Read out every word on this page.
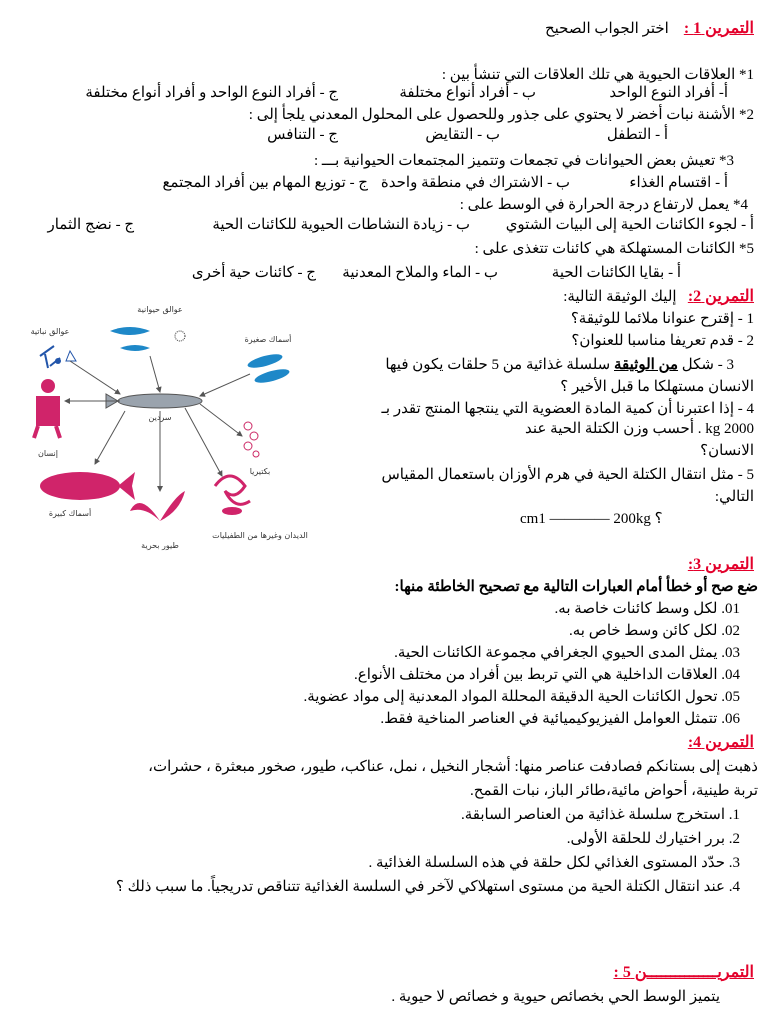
التمرين 1 :    اختر الجواب الصحيح
1* العلاقات الحيوية هي تلك العلاقات التي تنشأ بين :
أ- أفراد النوع الواحد
ب - أفراد أنواع مختلفة
ج - أفراد النوع الواحد و أفراد أنواع مختلفة
2* الأشنة نبات أخضر لا يحتوي على جذور وللحصول على المحلول المعدني يلجأ إلى :
أ - التطفل
ب - التقايض
ج - التنافس
3* تعيش بعض الحيوانات في تجمعات وتتميز المجتمعات الحيوانية بـــ :
أ - اقتسام الغذاء
ب - الاشتراك في منطقة واحدة
ج - توزيع المهام بين أفراد المجتمع
4* يعمل لارتفاع درجة الحرارة في الوسط على :
أ - لجوء الكائنات الحية إلى البيات الشتوي
ب - زيادة النشاطات الحيوية للكائنات الحية
ج - نضج الثمار
5* الكائنات المستهلكة هي كائنات تتغذى على :
أ - بقايا الكائنات الحية
ب - الماء والملاح المعدنية
ج - كائنات حية أخرى
التمرين 2:   إليك الوثيقة التالية:
1 - إقترح عنوانا ملائما للوثيقة؟
2 - قدم تعريفا مناسبا للعنوان؟
3 - شكل من الوثيقة سلسلة غذائية من 5 حلقات يكون فيها
الانسان مستهلكا ما قبل الأخير ؟
4 - إذا اعتبرنا أن كمية المادة العضوية التي ينتجها المنتج تقدر بـ
2000 kg . أحسب وزن الكتلة الحية عند
الانسان؟
5 - مثل انتقال الكتلة الحية في هرم الأوزان باستعمال المقياس
التالي:
cm1 ———— 200kg ؟
سردين
عوالق نباتية
عوالق حيوانية
أسماك صغيرة
بكتيريا
إنسان
أسماك كبيرة
طيور بحرية
الديدان وغيرها من الطفيليات
التمرين 3:
ضع صح أو خطأ أمام العبارات التالية مع تصحيح الخاطئة منها:
01. لكل وسط كائنات خاصة به.
02. لكل كائن وسط خاص به.
03. يمثل المدى الحيوي الجغرافي مجموعة الكائنات الحية.
04. العلاقات الداخلية هي التي تربط بين أفراد من مختلف الأنواع.
05. تحول الكائنات الحية الدقيقة المحللة المواد المعدنية إلى مواد عضوية.
06. تتمثل العوامل الفيزيوكيميائية في العناصر المناخية فقط.
التمرين 4:
ذهبت إلى بستانكم فصادفت عناصر منها: أشجار النخيل ، نمل، عناكب، طيور، صخور مبعثرة ، حشرات،
تربة طينية، أحواض مائية،طائر الباز، نبات القمح.
1. استخرج سلسلة غذائية من العناصر السابقة.
2. برر اختيارك للحلقة الأولى.
3. حدّد المستوى الغذائي لكل حلقة في هذه السلسلة الغذائية .
4. عند انتقال الكتلة الحية من مستوى استهلاكي لآخر في السلسة الغذائية تتناقص تدريجياً. ما سبب ذلك ؟
التمريـــــــــــــــن 5 :
يتميز الوسط الحي بخصائص حيوية و خصائص لا حيوية .
